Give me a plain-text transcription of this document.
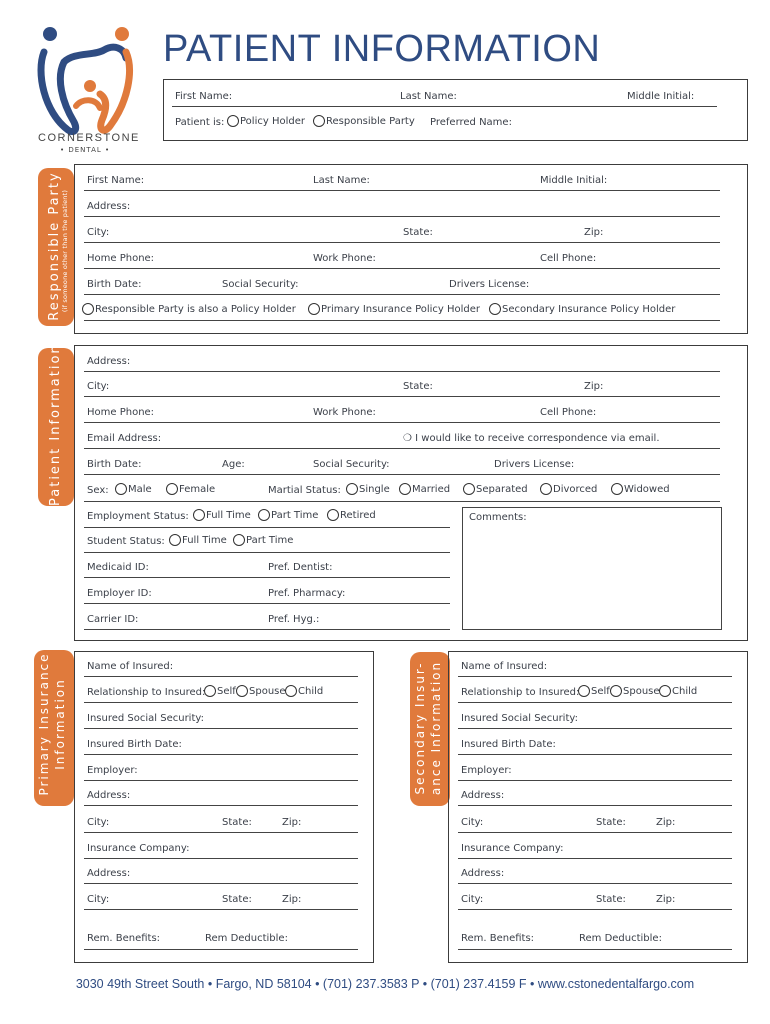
CORNERSTONE
• DENTAL •
PATIENT INFORMATION
First Name:	Last Name:	Middle Initial:
Patient is:	Policy Holder	Responsible Party Preferred Name:
Responsible Party (if someone other than the patient)
First Name:	Last Name:	Middle Initial:
Address:
City:	State:	Zip:
Home Phone:	Work Phone:	Cell Phone:
Birth Date:	Social Security:	Drivers License:
Responsible Party is also a Policy Holder	Primary Insurance Policy Holder	Secondary Insurance Policy Holder
Patient Information	Address:
City:	State:	Zip:
Home Phone:	Work Phone:	Cell Phone:
Email Address:	❍ I would like to receive correspondence via email.
Birth Date:	Age:	Social Security:	Drivers License:
Sex:	Male	Female	Martial Status:	Single	Married	Separated	Divorced	Widowed
Employment Status:	Full Time	Part Time	Retired
Student Status:	Full Time	Part Time
Medicaid ID:	Pref. Dentist:
Employer ID:	Pref. Pharmacy:
Carrier ID:	Pref. Hyg.:
Comments:
Primary Insurance Information
Name of Insured:
Relationship to Insured:	Self	Spouse	Child
Insured Social Security:
Insured Birth Date:
Employer:
Address:
City:	State:	Zip:
Insurance Company:
Address:
City:	State:	Zip:
Rem. Benefits:	Rem Deductible:
Secondary Insur- ance Information Name of Insured:
Relationship to Insured:	Self	Spouse	Child
Insured Social Security:
Insured Birth Date:
Employer:
Address:
City:	State:	Zip:
Insurance Company:
Address:
City:	State:	Zip:
Rem. Benefits:	Rem Deductible:
3030 49th Street South • Fargo, ND 58104 • (701) 237.3583 P • (701) 237.4159 F • www.cstonedentalfargo.com
